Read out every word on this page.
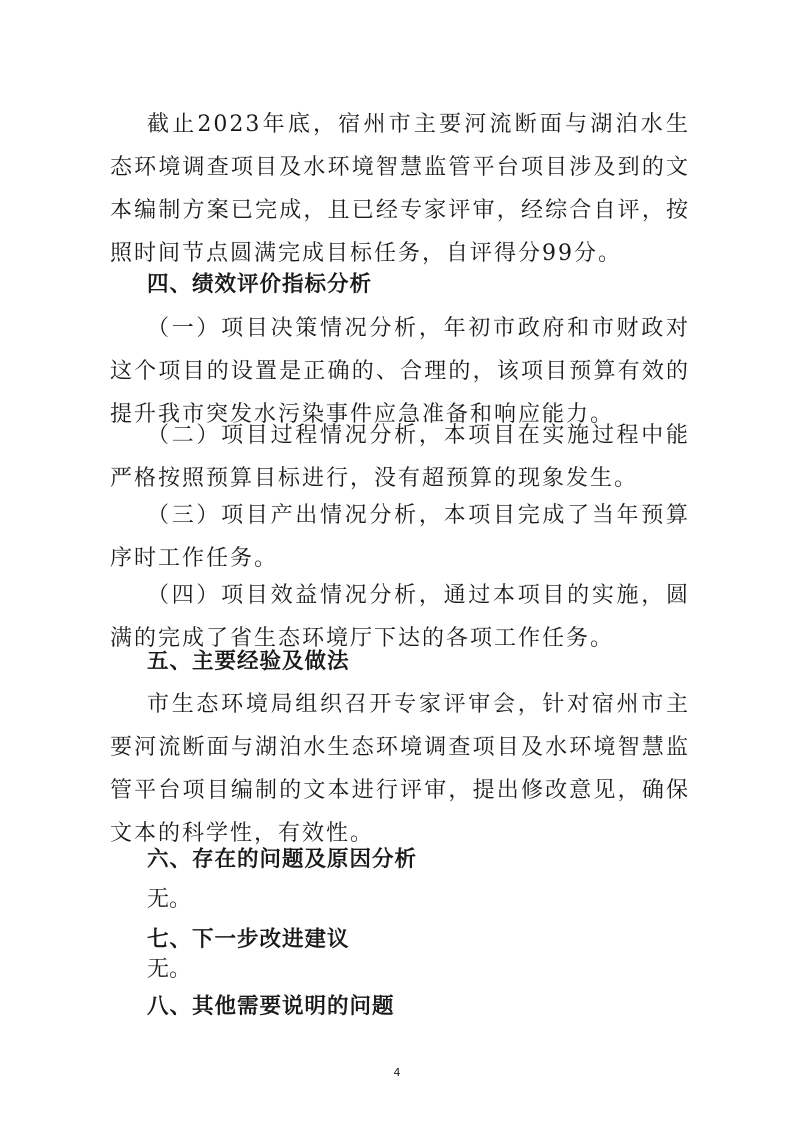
截止2023年底，宿州市主要河流断面与湖泊水生态环境调查项目及水环境智慧监管平台项目涉及到的文本编制方案已完成，且已经专家评审，经综合自评，按照时间节点圆满完成目标任务，自评得分99分。

四、绩效评价指标分析

（一）项目决策情况分析，年初市政府和市财政对这个项目的设置是正确的、合理的，该项目预算有效的提升我市突发水污染事件应急准备和响应能力。

（二）项目过程情况分析，本项目在实施过程中能严格按照预算目标进行，没有超预算的现象发生。

（三）项目产出情况分析，本项目完成了当年预算序时工作任务。

（四）项目效益情况分析，通过本项目的实施，圆满的完成了省生态环境厅下达的各项工作任务。

五、主要经验及做法

市生态环境局组织召开专家评审会，针对宿州市主要河流断面与湖泊水生态环境调查项目及水环境智慧监管平台项目编制的文本进行评审，提出修改意见，确保文本的科学性，有效性。

六、存在的问题及原因分析

无。

七、下一步改进建议

无。

八、其他需要说明的问题
4
